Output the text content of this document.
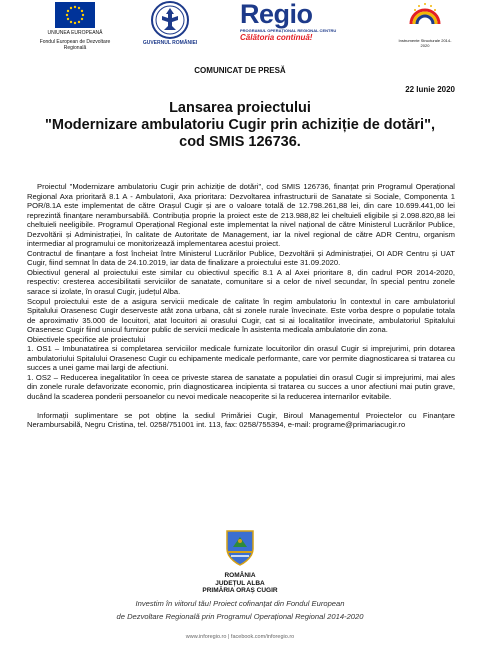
UNIUNEA EUROPEANĂ
Fondul European de Dezvoltare Regională
GUVERNUL ROMÂNIEI
Regio
PROGRAMUL OPERAȚIONAL REGIONAL CENTRU
Călătoria continuă!	Instrumente Structurale 2014-2020
COMUNICAT DE PRESĂ
22 Iunie 2020
Lansarea proiectului
"Modernizare ambulatoriu Cugir prin achiziție de dotări",
cod SMIS 126736.

Proiectul "Modernizare ambulatoriu Cugir prin achiziție de dotări", cod SMIS 126736, finanțat prin Programul Operațional Regional Axa prioritară 8.1 A - Ambulatorii, Axa prioritara: Dezvoltarea infrastructurii de Sanatate si Sociale, Componenta 1 POR/8.1A este implementat de către Orașul Cugir și are o valoare totală de 12.798.261,88 lei, din care 10.699.441,00 lei reprezintă finanțare nerambursabilă. Contribuția proprie la proiect este de 213.988,82 lei cheltuieli eligibile și 2.098.820,88 lei cheltuieli neeligibile. Programul Operațional Regional este implementat la nivel național de către Ministerul Lucrărilor Publice, Dezvoltării și Administrației, în calitate de Autoritate de Management, iar la nivel regional de către ADR Centru, organism intermediar al programului ce monitorizează implementarea acestui proiect.

Contractul de finanțare a fost încheiat între Ministerul Lucrărilor Publice, Dezvoltării și Administrației, OI ADR Centru și UAT Cugir, fiind semnat în data de 24.10.2019, iar data de finalizare a proiectului este 31.09.2020.

Obiectivul general al proiectului este similar cu obiectivul specific 8.1 A al Axei prioritare 8, din cadrul POR 2014-2020, respectiv: cresterea accesibilitatii serviciilor de sanatate, comunitare si a celor de nivel secundar, în special pentru zonele sarace si izolate, în orasul Cugir, județul Alba.

Scopul proiectului este de a asigura servicii medicale de calitate în regim ambulatoriu în contextul in care ambulatoriul Spitalului Orasenesc Cugir deserveste atât zona urbana, cât si zonele rurale învecinate. Este vorba despre o populatie totala de aproximativ 35.000 de locuitori, atat locuitori ai orasului Cugir, cat si ai localitatilor invecinate, ambulatoriul Spitalului Orasenesc Cugir fiind unicul furnizor public de servicii medicale în asistenta medicala ambulatorie din zona.

Obiectivele specifice ale proiectului

1. OS1 – Imbunatatirea si completarea serviciilor medicale furnizate locuitorilor din orasul Cugir si imprejurimi, prin dotarea ambulatoriului Spitalului Orasenesc Cugir cu echipamente medicale performante, care vor permite diagnosticarea si tratarea cu succes a unei game mai largi de afectiuni.

1. OS2 – Reducerea inegalitatilor în ceea ce priveste starea de sanatate a populatiei din orasul Cugir si imprejurimi, mai ales din zonele rurale defavorizate economic, prin diagnosticarea incipienta si tratarea cu succes a unor afectiuni mai putin grave, ducând la scaderea ponderii persoanelor cu nevoi medicale neacoperite si la reducerea internarilor evitabile.

Informații suplimentare se pot obține la sediul Primăriei Cugir, Biroul Managementul Proiectelor cu Finanțare Nerambursabilă, Negru Cristina, tel. 0258/751001 int. 113, fax: 0258/755394, e-mail: programe@primariacugir.ro

ROMÂNIA
JUDEȚUL ALBA
PRIMĂRIA ORAȘ CUGIR
Investim în viitorul tău! Proiect cofinanțat din Fondul European
de Dezvoltare Regională prin Programul Operațional Regional 2014-2020
www.inforegio.ro | facebook.com/inforegio.ro
